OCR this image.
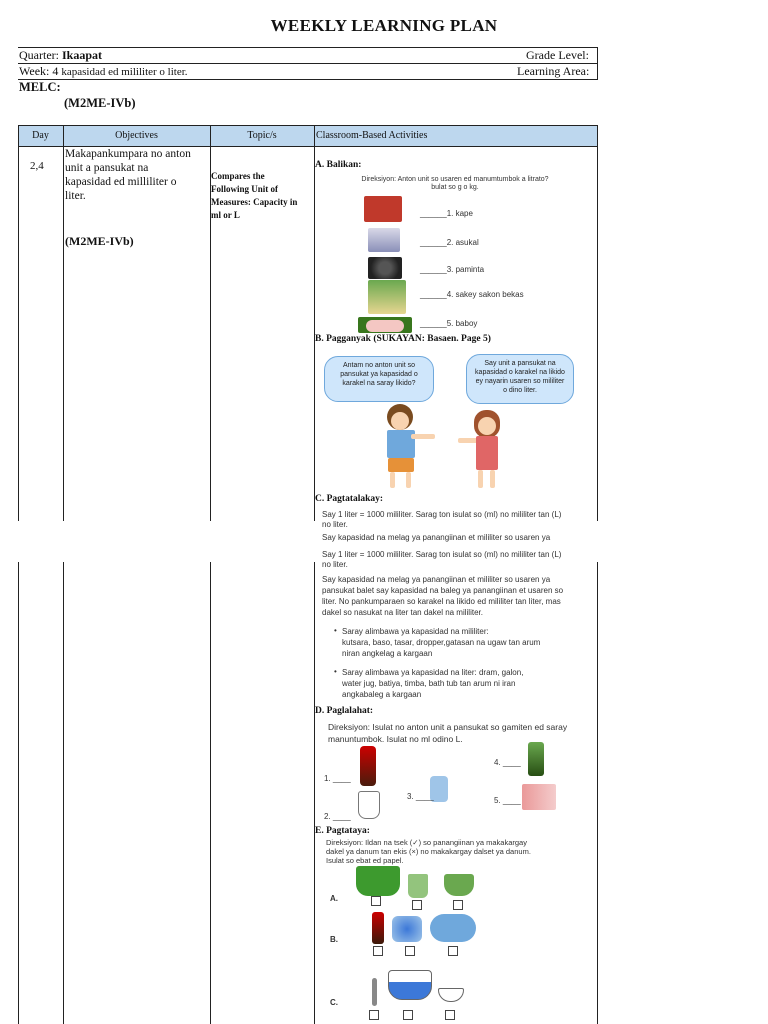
WEEKLY LEARNING PLAN
Quarter: Ikaapat	Grade Level:
Week: 4 kapasidad ed mililiter o liter.	Learning Area:
MELC:
(M2ME-IVb)
Day	Objectives	Topic/s	Classroom-Based Activities
2,4
Makapankumpara no anton
unit a pansukat na
kapasidad ed milliliter o
liter.
(M2ME-IVb)
Compares the
Following Unit of
Measures: Capacity in
ml or L
A. Balikan:
Direksiyon: Anton unit so usaren ed manumtumbok a litrato?
bulat so g o kg.
______1. kape
______2. asukal
______3. paminta
______4. sakey sakon bekas
______5. baboy
B. Pagganyak (SUKAYAN: Basaen. Page 5)
Antam no anton unit so pansukat ya kapasidad o karakel na saray likido?
Say unit a pansukat na kapasidad o karakel na likido ey nayarin usaren so mililiter o dino liter.
C. Pagtatalakay:
Say 1 liter = 1000 mililiter. Sarag ton isulat so (ml) no mililiter tan (L)
no liter.
Say kapasidad na melag ya panangiinan et mililiter so usaren ya
Say 1 liter = 1000 mililiter. Sarag ton isulat so (ml) no mililiter tan (L)
no liter.
Say kapasidad na melag ya panangiinan et mililiter so usaren ya
pansukat balet say kapasidad na baleg ya panangiinan et usaren so
liter. No pankumparaen so karakel na likido ed mililiter tan liter, mas
dakel so nasukat na liter tan dakel na mililiter.
• Saray alimbawa ya kapasidad na mililiter:
kutsara, baso, tasar, dropper,gatasan na ugaw tan arum
niran angkelag a kargaan
• Saray alimbawa ya kapasidad na liter: dram, galon,
water jug, batiya, timba, bath tub tan arum ni iran
angkabaleg a kargaan
D. Paglalahat:
Direksiyon: Isulat no anton unit a pansukat so gamiten ed saray
manuntumbok. Isulat no ml odino L.
1. ____
2. ____
3. ____
4. ____
5. ____
E. Pagtataya:
Direksiyon: Ildan na tsek (✓) so panangiinan ya makakargay
dakel ya danum tan ekis (×) no makakargay dalset ya danum.
Isulat so ebat ed papel.
A.
B.
C.
